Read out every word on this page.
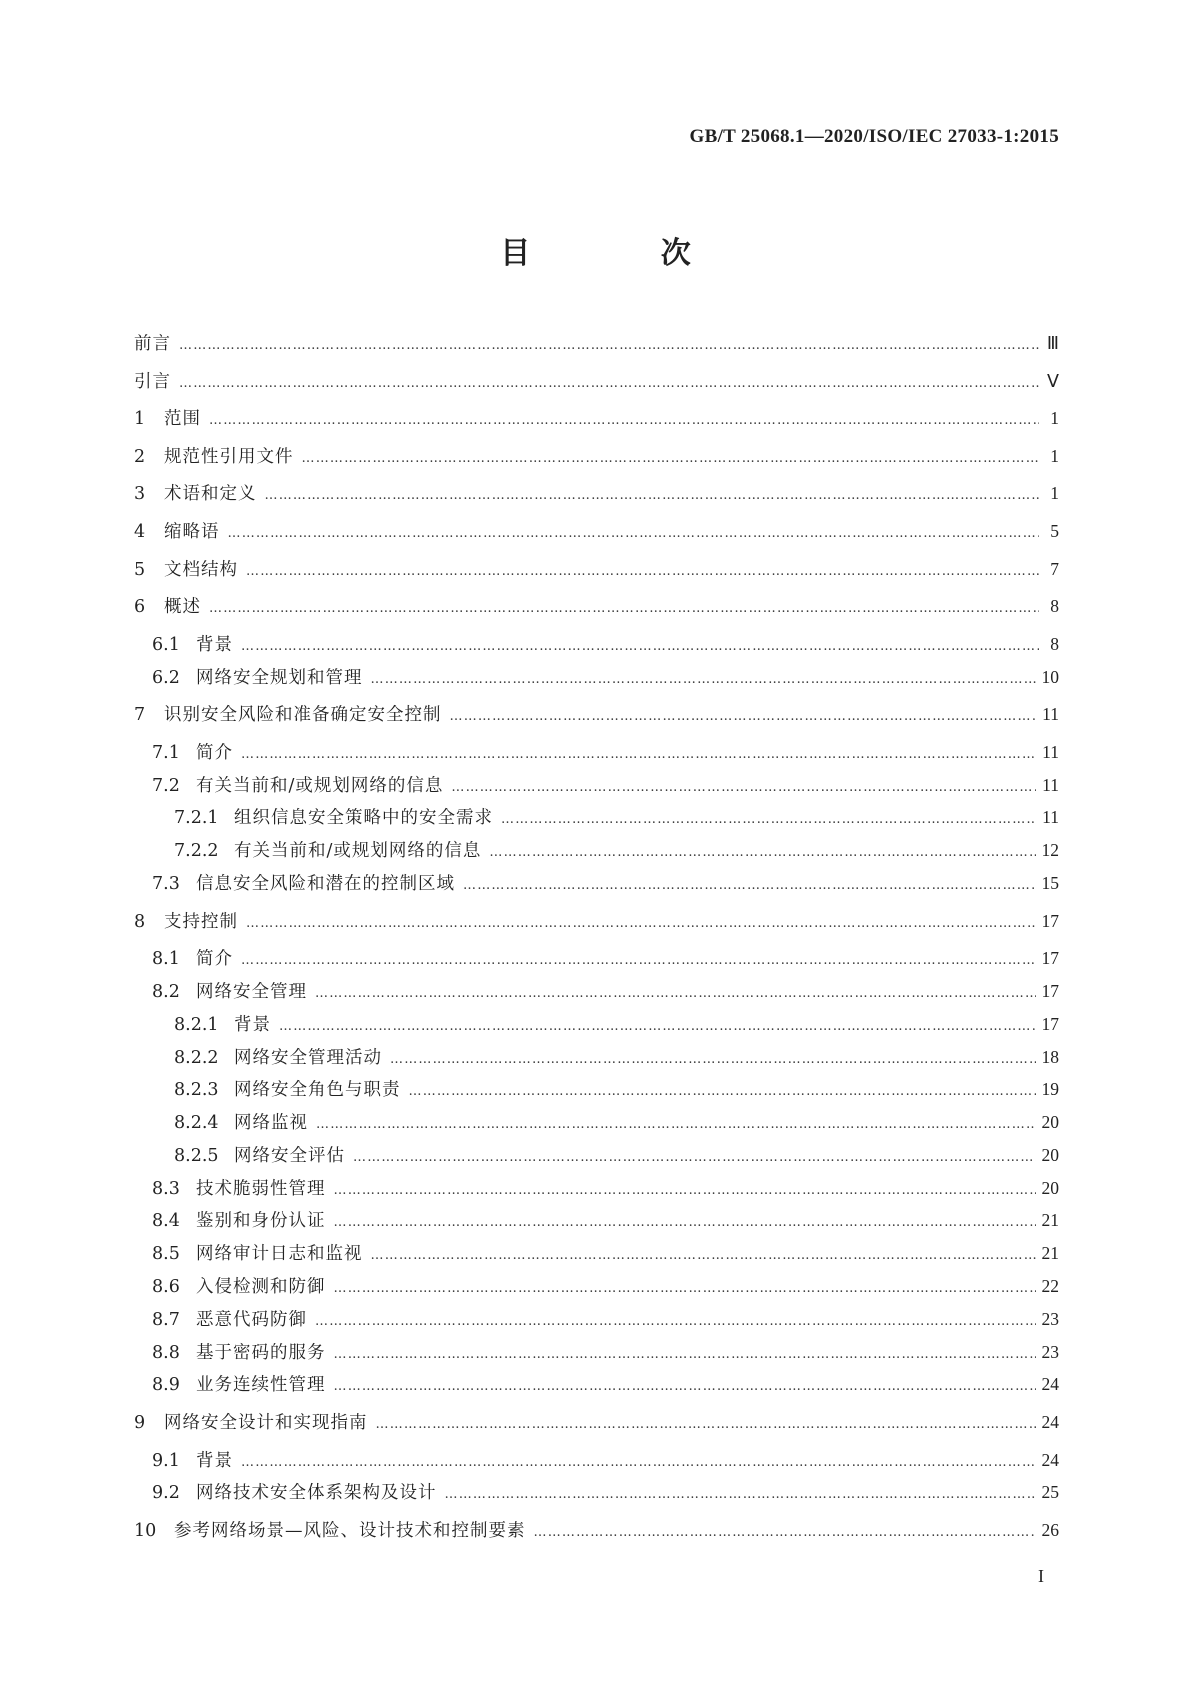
GB/T 25068.1—2020/ISO/IEC 27033-1:2015
目 次
前言 …………………………………………………………………………………………………………………………………………………………………………………………………………………………………………	Ⅲ
引言 …………………………………………………………………………………………………………………………………………………………………………………………………………………………………………	Ⅴ
1	范围 …………………………………………………………………………………………………………………………………………………………………………………………………………………………………………	1
2	规范性引用文件 …………………………………………………………………………………………………………………………………………………………………………………………………………………………………………	1
3	术语和定义 …………………………………………………………………………………………………………………………………………………………………………………………………………………………………………	1
4	缩略语 …………………………………………………………………………………………………………………………………………………………………………………………………………………………………………	5
5	文档结构 …………………………………………………………………………………………………………………………………………………………………………………………………………………………………………	7
6	概述 …………………………………………………………………………………………………………………………………………………………………………………………………………………………………………	8
6.1 背景 …………………………………………………………………………………………………………………………………………………………………………………………………………………………………………	8
6.2 网络安全规划和管理 …………………………………………………………………………………………………………………………………………………………………………………………………………………………………………	10
7	识别安全风险和准备确定安全控制 …………………………………………………………………………………………………………………………………………………………………………………………………………………………………………	11
7.1 简介 …………………………………………………………………………………………………………………………………………………………………………………………………………………………………………	11
7.2 有关当前和/或规划网络的信息 …………………………………………………………………………………………………………………………………………………………………………………………………………………………………………	11
7.2.1 组织信息安全策略中的安全需求 …………………………………………………………………………………………………………………………………………………………………………………………………………………………………………	11
7.2.2 有关当前和/或规划网络的信息 …………………………………………………………………………………………………………………………………………………………………………………………………………………………………………	12
7.3 信息安全风险和潜在的控制区域 …………………………………………………………………………………………………………………………………………………………………………………………………………………………………………	15
8	支持控制 …………………………………………………………………………………………………………………………………………………………………………………………………………………………………………	17
8.1 简介 …………………………………………………………………………………………………………………………………………………………………………………………………………………………………………	17
8.2 网络安全管理 …………………………………………………………………………………………………………………………………………………………………………………………………………………………………………	17
8.2.1 背景 …………………………………………………………………………………………………………………………………………………………………………………………………………………………………………	17
8.2.2 网络安全管理活动 …………………………………………………………………………………………………………………………………………………………………………………………………………………………………………	18
8.2.3 网络安全角色与职责 …………………………………………………………………………………………………………………………………………………………………………………………………………………………………………	19
8.2.4 网络监视 …………………………………………………………………………………………………………………………………………………………………………………………………………………………………………	20
8.2.5 网络安全评估 …………………………………………………………………………………………………………………………………………………………………………………………………………………………………………	20
8.3 技术脆弱性管理 …………………………………………………………………………………………………………………………………………………………………………………………………………………………………………	20
8.4 鉴别和身份认证 …………………………………………………………………………………………………………………………………………………………………………………………………………………………………………	21
8.5 网络审计日志和监视 …………………………………………………………………………………………………………………………………………………………………………………………………………………………………………	21
8.6 入侵检测和防御 …………………………………………………………………………………………………………………………………………………………………………………………………………………………………………	22
8.7 恶意代码防御 …………………………………………………………………………………………………………………………………………………………………………………………………………………………………………	23
8.8 基于密码的服务 …………………………………………………………………………………………………………………………………………………………………………………………………………………………………………	23
8.9 业务连续性管理 …………………………………………………………………………………………………………………………………………………………………………………………………………………………………………	24
9	网络安全设计和实现指南 …………………………………………………………………………………………………………………………………………………………………………………………………………………………………………	24
9.1 背景 …………………………………………………………………………………………………………………………………………………………………………………………………………………………………………	24
9.2 网络技术安全体系架构及设计 …………………………………………………………………………………………………………………………………………………………………………………………………………………………………………	25
10	参考网络场景—风险、设计技术和控制要素 …………………………………………………………………………………………………………………………………………………………………………………………………………………………………………	26
I
